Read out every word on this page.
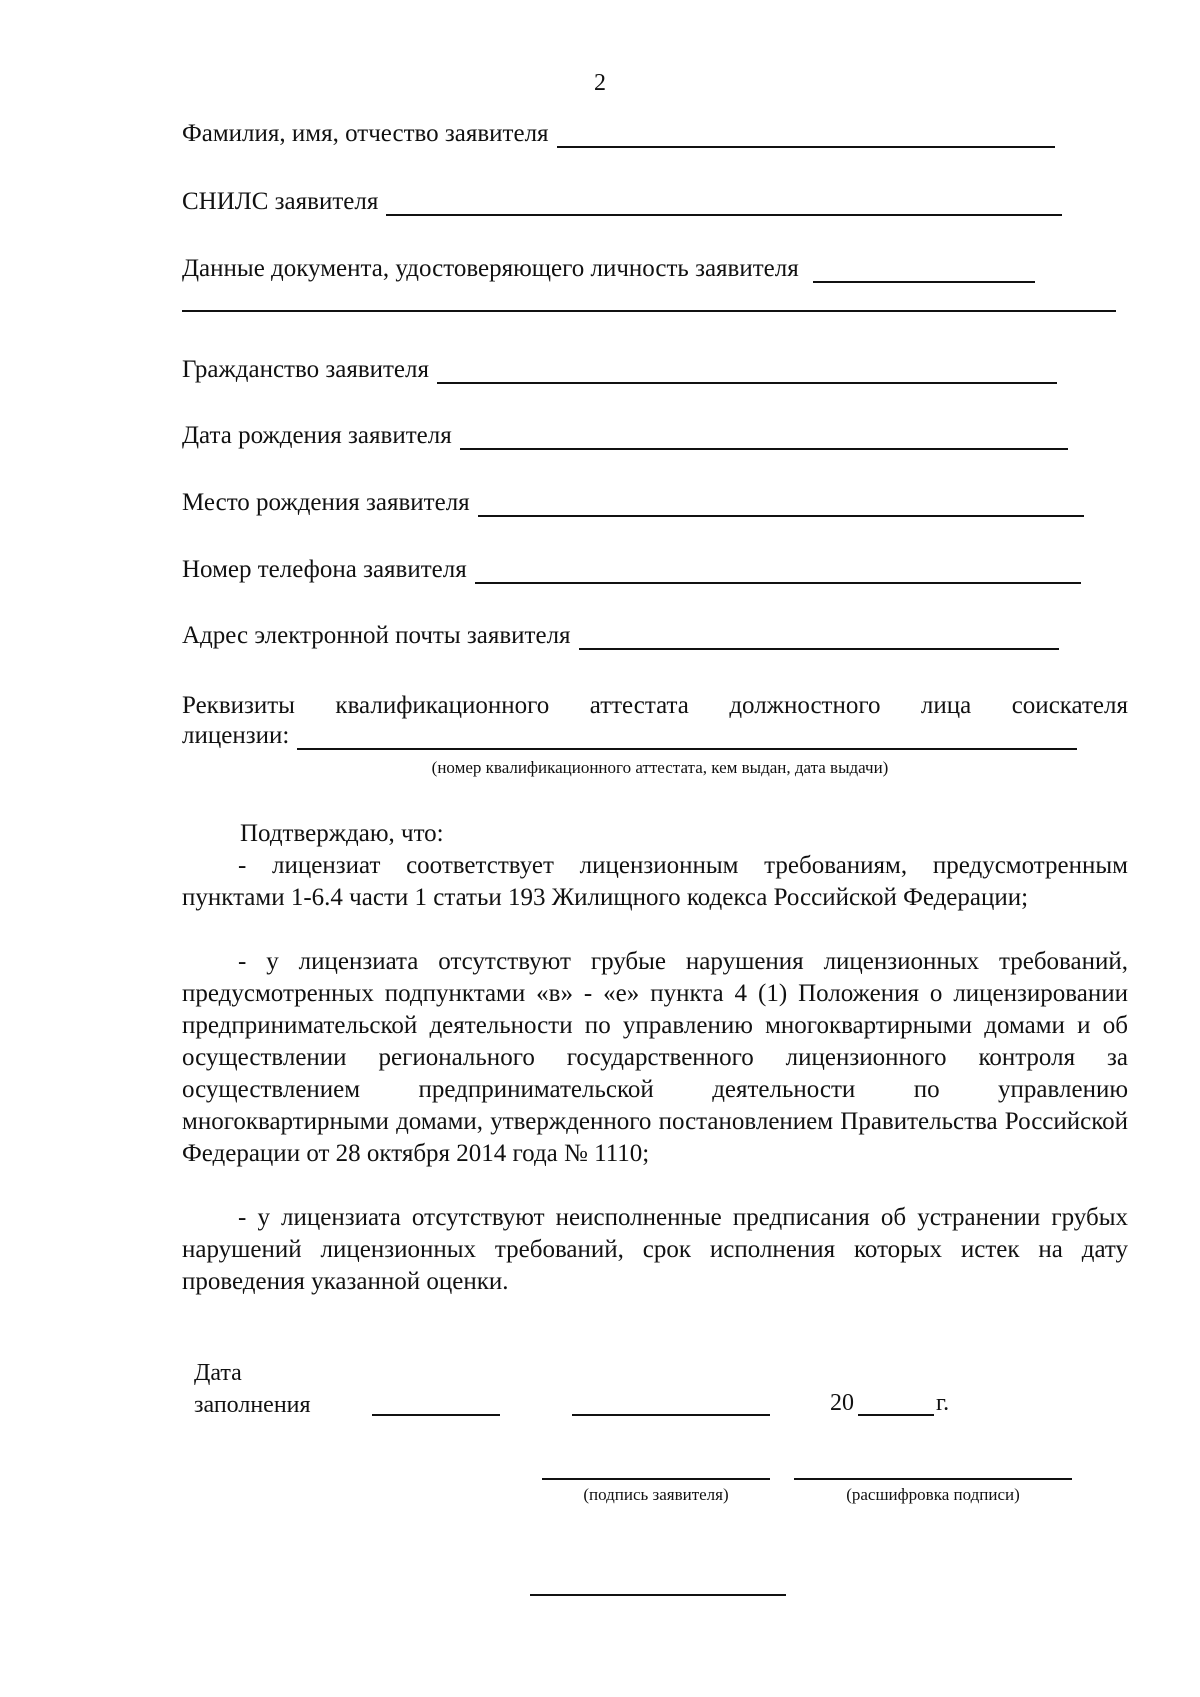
2
Фамилия, имя, отчество заявителя
СНИЛС заявителя
Данные документа, удостоверяющего личность заявителя
Гражданство заявителя
Дата рождения заявителя
Место рождения заявителя
Номер телефона заявителя
Адрес электронной почты заявителя

Реквизиты квалификационного аттестата должностного лица соискателя

лицензии:
(номер квалификационного аттестата, кем выдан, дата выдачи)

Подтверждаю, что:

- лицензиат соответствует лицензионным требованиям, предусмотренным пунктами 1-6.4 части 1 статьи 193 Жилищного кодекса Российской Федерации;

- у лицензиата отсутствуют грубые нарушения лицензионных требований, предусмотренных подпунктами «в» - «е» пункта 4 (1) Положения о лицензировании предпринимательской деятельности по управлению многоквартирными домами и об осуществлении регионального государственного лицензионного контроля за осуществлением предпринимательской деятельности по управлению многоквартирными домами, утвержденного постановлением Правительства Российской Федерации от 28 октября 2014 года № 1110;

- у лицензиата отсутствуют неисполненные предписания об устранении грубых нарушений лицензионных требований, срок исполнения которых истек на дату проведения указанной оценки.

Дата
заполнения	20	г.
(подпись заявителя)	(расшифровка подписи)
